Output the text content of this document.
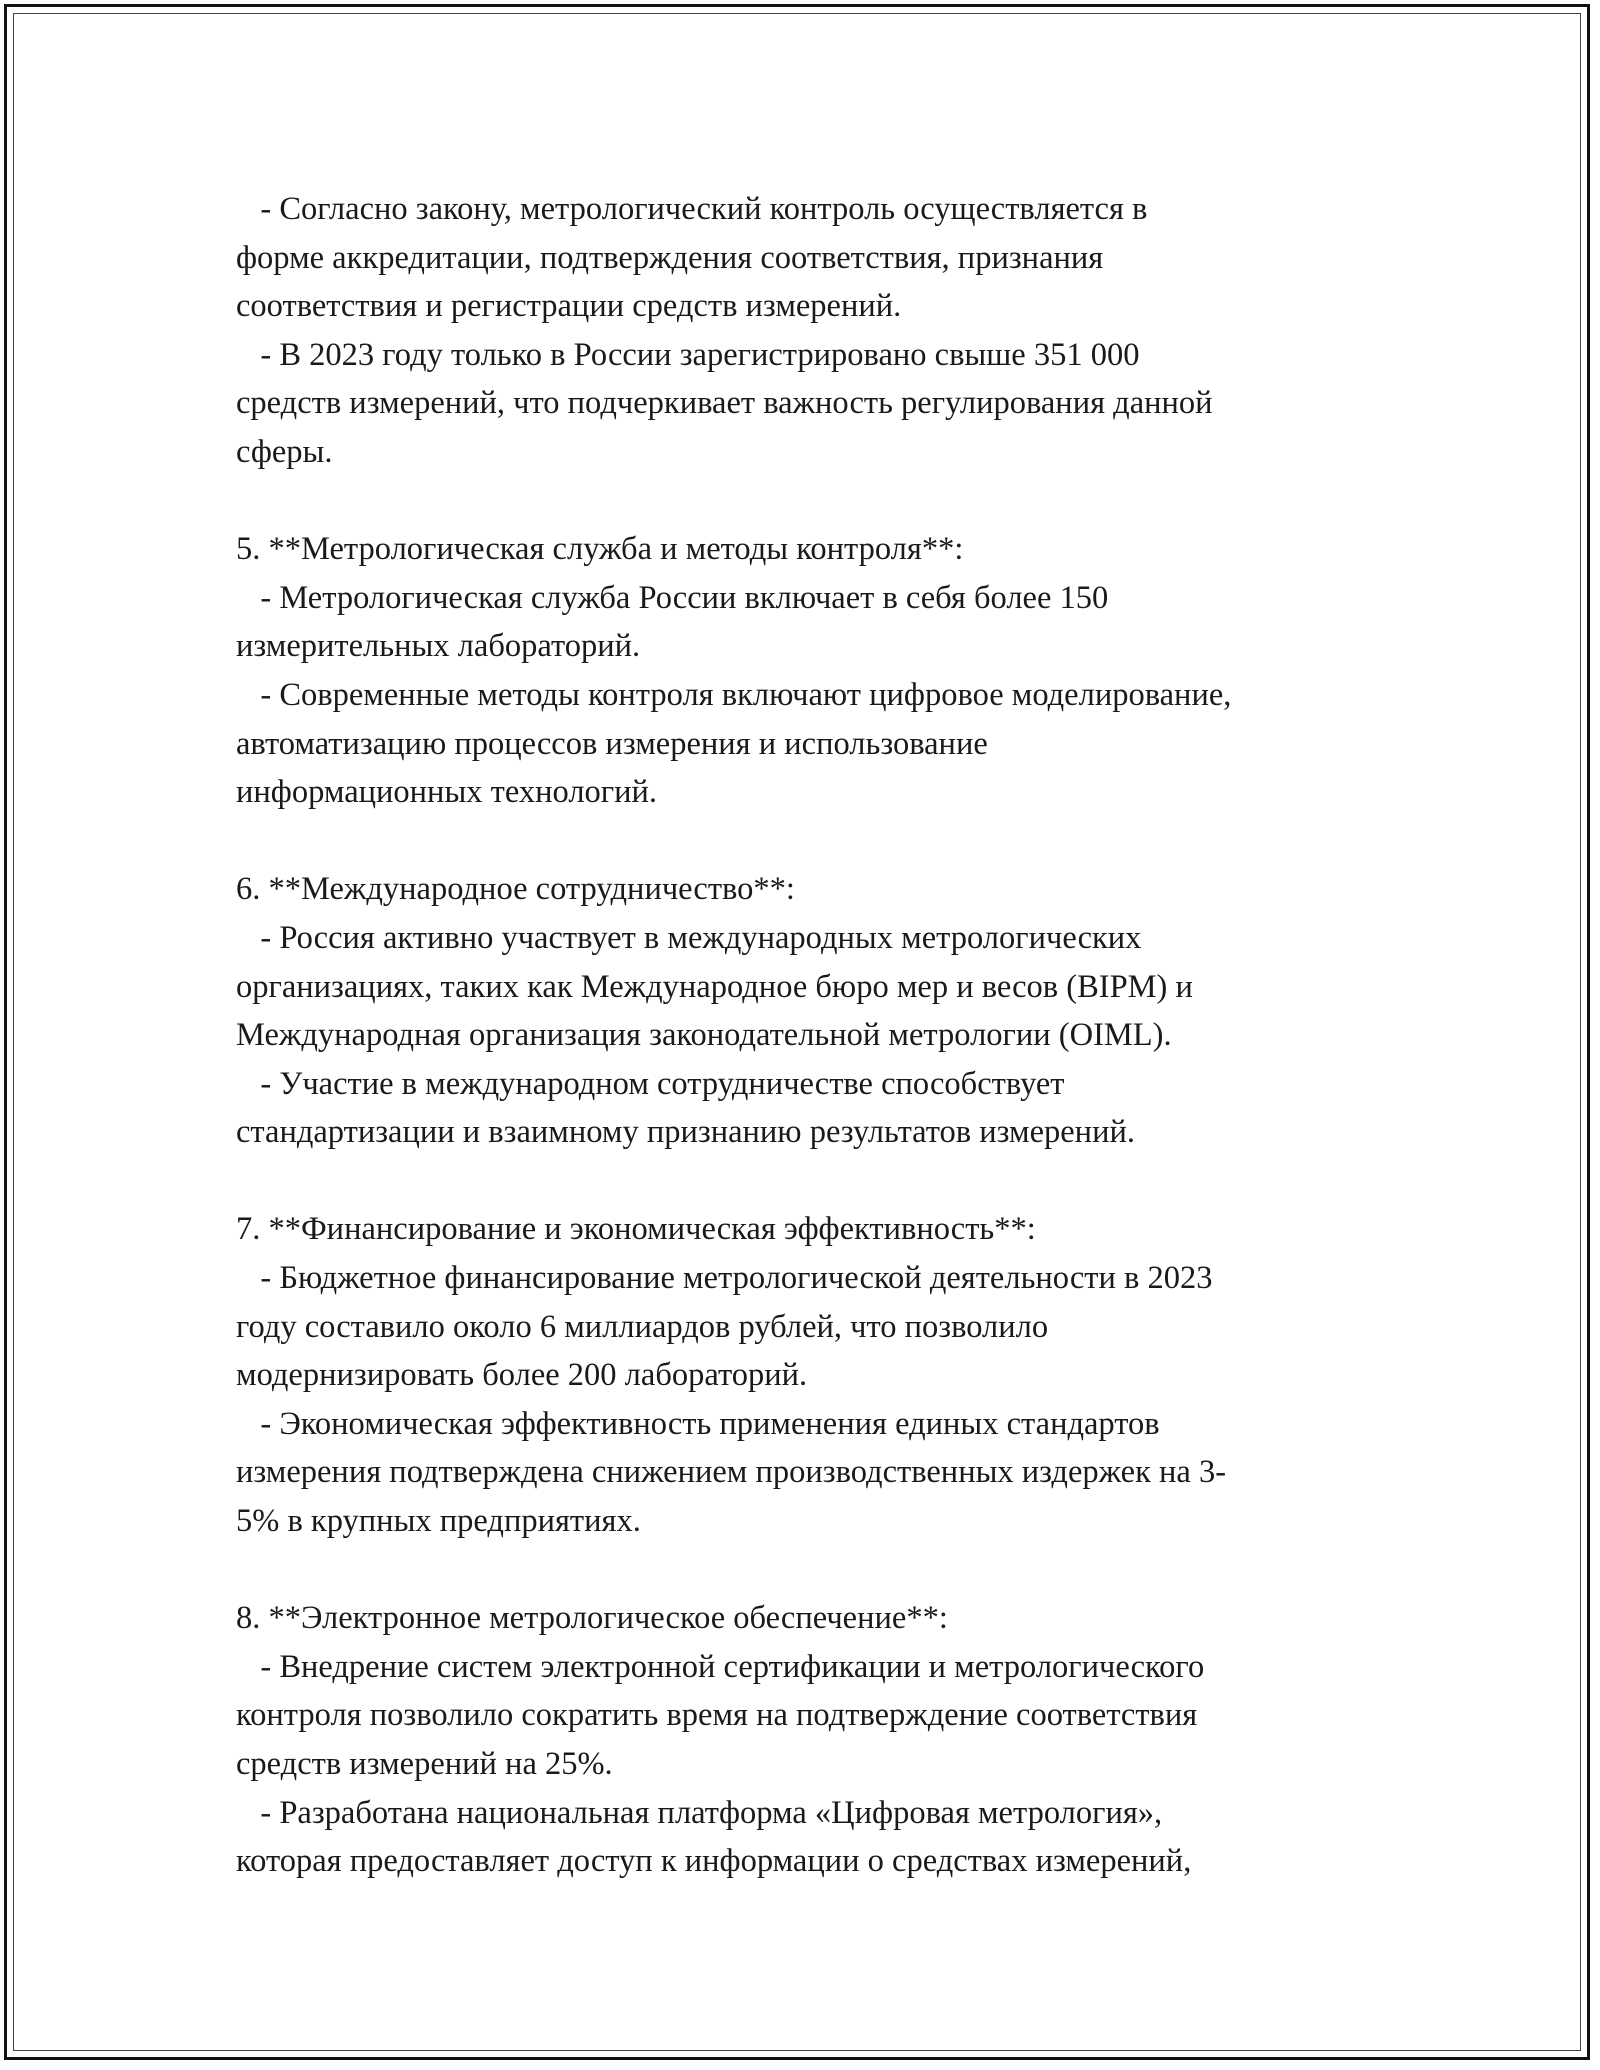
- Согласно закону, метрологический контроль осуществляется в
форме аккредитации, подтверждения соответствия, признания
соответствия и регистрации средств измерений.
- В 2023 году только в России зарегистрировано свыше 351 000
средств измерений, что подчеркивает важность регулирования данной
сферы.
5. **Метрологическая служба и методы контроля**:
- Метрологическая служба России включает в себя более 150
измерительных лабораторий.
- Современные методы контроля включают цифровое моделирование,
автоматизацию процессов измерения и использование
информационных технологий.
6. **Международное сотрудничество**:
- Россия активно участвует в международных метрологических
организациях, таких как Международное бюро мер и весов (BIPM) и
Международная организация законодательной метрологии (OIML).
- Участие в международном сотрудничестве способствует
стандартизации и взаимному признанию результатов измерений.
7. **Финансирование и экономическая эффективность**:
- Бюджетное финансирование метрологической деятельности в 2023
году составило около 6 миллиардов рублей, что позволило
модернизировать более 200 лабораторий.
- Экономическая эффективность применения единых стандартов
измерения подтверждена снижением производственных издержек на 3-
5% в крупных предприятиях.
8. **Электронное метрологическое обеспечение**:
- Внедрение систем электронной сертификации и метрологического
контроля позволило сократить время на подтверждение соответствия
средств измерений на 25%.
- Разработана национальная платформа «Цифровая метрология»,
которая предоставляет доступ к информации о средствах измерений,
